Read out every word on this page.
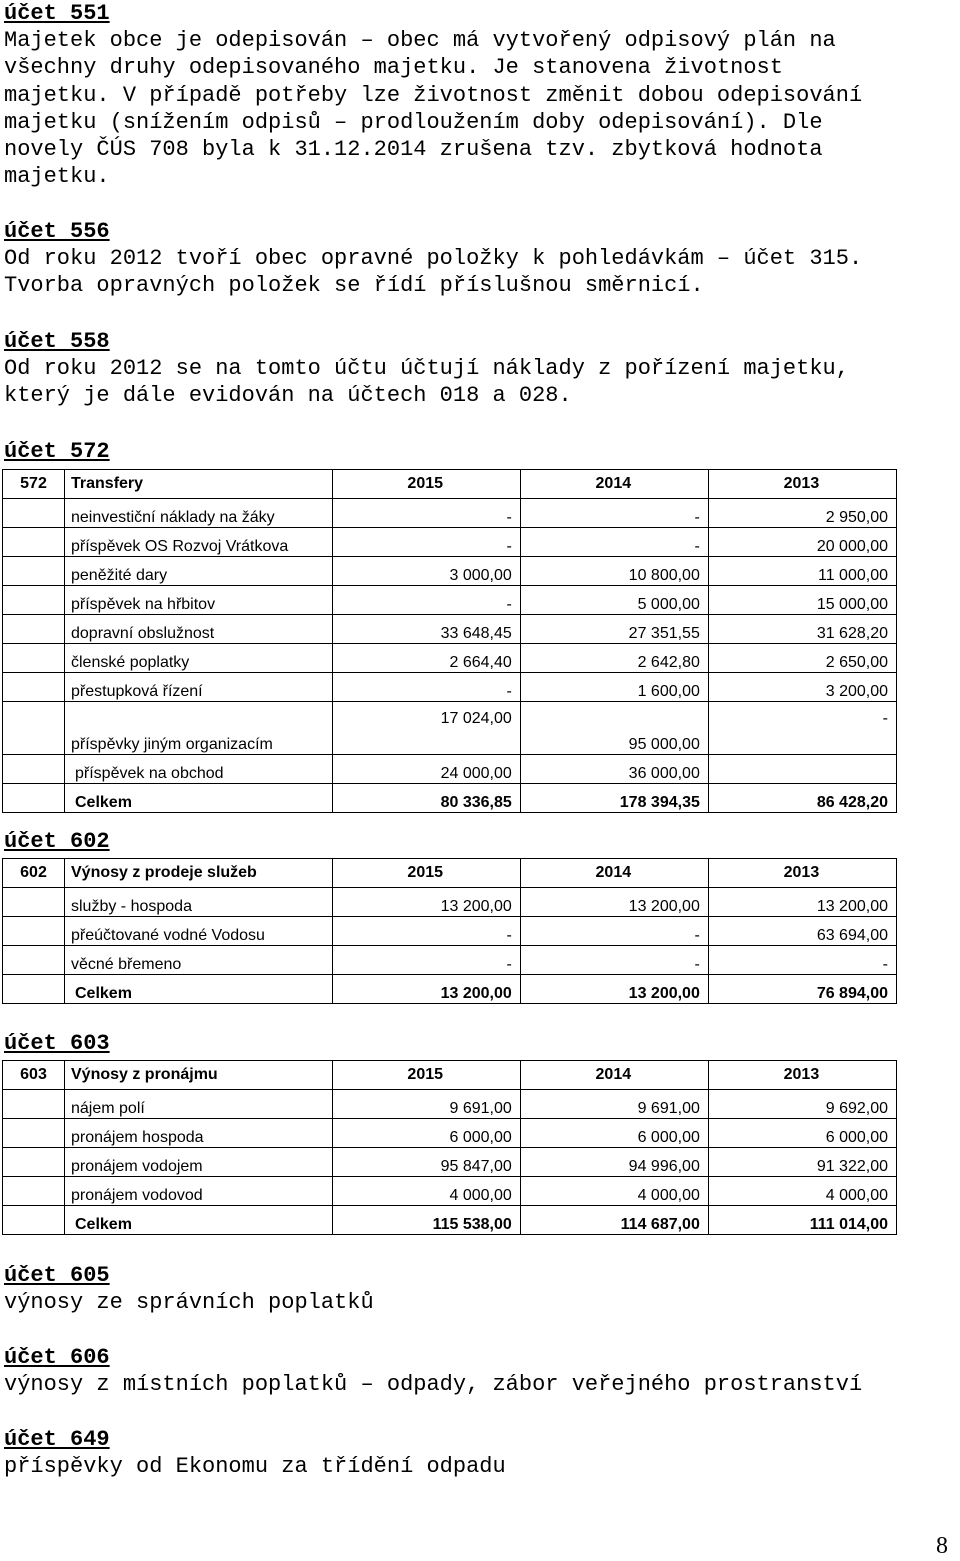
účet 551
Majetek obce je odepisován – obec má vytvořený odpisový plán na
všechny druhy odepisovaného majetku. Je stanovena životnost
majetku. V případě potřeby lze životnost změnit dobou odepisování
majetku (snížením odpisů – prodloužením doby odepisování). Dle
novely ČÚS 708 byla k 31.12.2014 zrušena tzv. zbytková hodnota
majetku.
účet 556
Od roku 2012 tvoří obec opravné položky k pohledávkám – účet 315.
Tvorba opravných položek se řídí příslušnou směrnicí.
účet 558
Od roku 2012 se na tomto účtu účtují náklady z pořízení majetku,
který je dále evidován na účtech 018 a 028.
účet 572
572	Transfery	2015	2014	2013
	neinvestiční náklady na žáky	-	-	2 950,00
	příspěvek OS Rozvoj Vrátkova	-	-	20 000,00
	peněžité dary	3 000,00	10 800,00	11 000,00
	příspěvek na hřbitov	-	5 000,00	15 000,00
	dopravní obslužnost	33 648,45	27 351,55	31 628,20
	členské poplatky	2 664,40	2 642,80	2 650,00
	přestupková řízení	-	1 600,00	3 200,00
	příspěvky jiným organizacím	17 024,00	95 000,00	-
	příspěvek na obchod	24 000,00	36 000,00	
	Celkem	80 336,85	178 394,35	86 428,20
účet 602
602	Výnosy z prodeje služeb	2015	2014	2013
	služby - hospoda	13 200,00	13 200,00	13 200,00
	přeúčtované vodné Vodosu	-	-	63 694,00
	věcné břemeno	-	-	-
	Celkem	13 200,00	13 200,00	76 894,00
účet 603
603	Výnosy z pronájmu	2015	2014	2013
	nájem polí	9 691,00	9 691,00	9 692,00
	pronájem hospoda	6 000,00	6 000,00	6 000,00
	pronájem vodojem	95 847,00	94 996,00	91 322,00
	pronájem vodovod	4 000,00	4 000,00	4 000,00
	Celkem	115 538,00	114 687,00	111 014,00
účet 605
výnosy ze správních poplatků
účet 606
výnosy z místních poplatků – odpady, zábor veřejného prostranství
účet 649
příspěvky od Ekonomu za třídění odpadu
8
